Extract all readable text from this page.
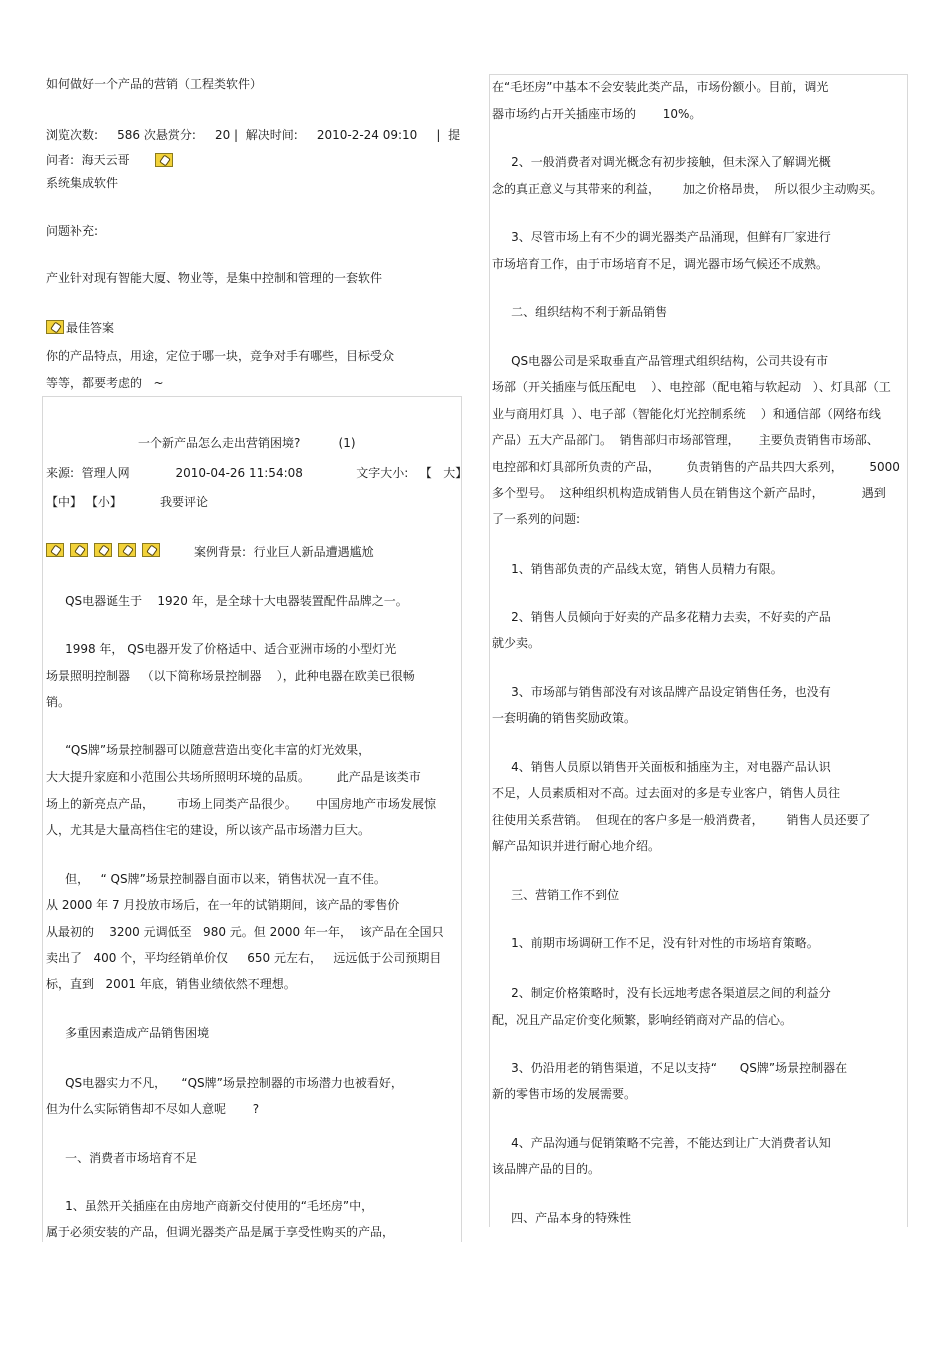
如何做好一个产品的营销（工程类软件）
浏览次数:     586 次悬赏分:     20 |  解决时间:     2010-2-24 09:10     |  提
问者:  海天云哥
系统集成软件
问题补充:
产业针对现有智能大厦、物业等，是集中控制和管理的一套软件
最佳答案
你的产品特点，用途，定位于哪一块，竞争对手有哪些，目标受众
等等，都要考虑的   ~
一个新产品怎么走出营销困境?          (1)
来源:  管理人网            2010-04-26 11:54:08              文字大小:   【   大】
【中】 【小】          我要评论
案例背景:  行业巨人新品遭遇尴尬
QS电器诞生于    1920 年，是全球十大电器装置配件品牌之一。
1998 年， QS电器开发了价格适中、适合亚洲市场的小型灯光
场景照明控制器   （以下简称场景控制器    ），此种电器在欧美已很畅
销。
“QS牌”场景控制器可以随意营造出变化丰富的灯光效果，
大大提升家庭和小范围公共场所照明环境的品质。       此产品是该类市
场上的新亮点产品，      市场上同类产品很少。     中国房地产市场发展惊
人，尤其是大量高档住宅的建设，所以该产品市场潜力巨大。
但，   “ QS牌”场景控制器自面市以来，销售状况一直不佳。
从 2000 年 7 月投放市场后，在一年的试销期间，该产品的零售价
从最初的    3200 元调低至   980 元。但 2000 年一年，  该产品在全国只
卖出了   400 个，平均经销单价仅     650 元左右，   远远低于公司预期目
标，直到   2001 年底，销售业绩依然不理想。
多重因素造成产品销售困境
QS电器实力不凡，    “QS牌”场景控制器的市场潜力也被看好，
但为什么实际销售却不尽如人意呢       ?
一、消费者市场培育不足
1、虽然开关插座在由房地产商新交付使用的“毛坯房”中，
属于必须安装的产品，但调光器类产品是属于享受性购买的产品，
在“毛坯房”中基本不会安装此类产品，市场份额小。目前，调光
器市场约占开关插座市场的       10%。
2、一般消费者对调光概念有初步接触，但未深入了解调光概
念的真正意义与其带来的利益，      加之价格昂贵，  所以很少主动购买。
3、尽管市场上有不少的调光器类产品涌现，但鲜有厂家进行
市场培育工作，由于市场培育不足，调光器市场气候还不成熟。
二、组织结构不利于新品销售
QS电器公司是采取垂直产品管理式组织结构，公司共设有市
场部（开关插座与低压配电    ）、电控部（配电箱与软起动   ）、灯具部（工
业与商用灯具  ）、电子部（智能化灯光控制系统    ）和通信部（网络布线
产品）五大产品部门。  销售部归市场部管理，     主要负责销售市场部、
电控部和灯具部所负责的产品，       负责销售的产品共四大系列，       5000
多个型号。  这种组织机构造成销售人员在销售这个新产品时，          遇到
了一系列的问题:
1、销售部负责的产品线太宽，销售人员精力有限。
2、销售人员倾向于好卖的产品多花精力去卖，不好卖的产品
就少卖。
3、市场部与销售部没有对该品牌产品设定销售任务，也没有
一套明确的销售奖励政策。
4、销售人员原以销售开关面板和插座为主，对电器产品认识
不足，人员素质相对不高。过去面对的多是专业客户，销售人员往
往使用关系营销。  但现在的客户多是一般消费者，      销售人员还要了
解产品知识并进行耐心地介绍。
三、营销工作不到位
1、前期市场调研工作不足，没有针对性的市场培育策略。
2、制定价格策略时，没有长远地考虑各渠道层之间的利益分
配，况且产品定价变化频繁，影响经销商对产品的信心。
3、仍沿用老的销售渠道，不足以支持“      QS牌”场景控制器在
新的零售市场的发展需要。
4、产品沟通与促销策略不完善，不能达到让广大消费者认知
该品牌产品的目的。
四、产品本身的特殊性
